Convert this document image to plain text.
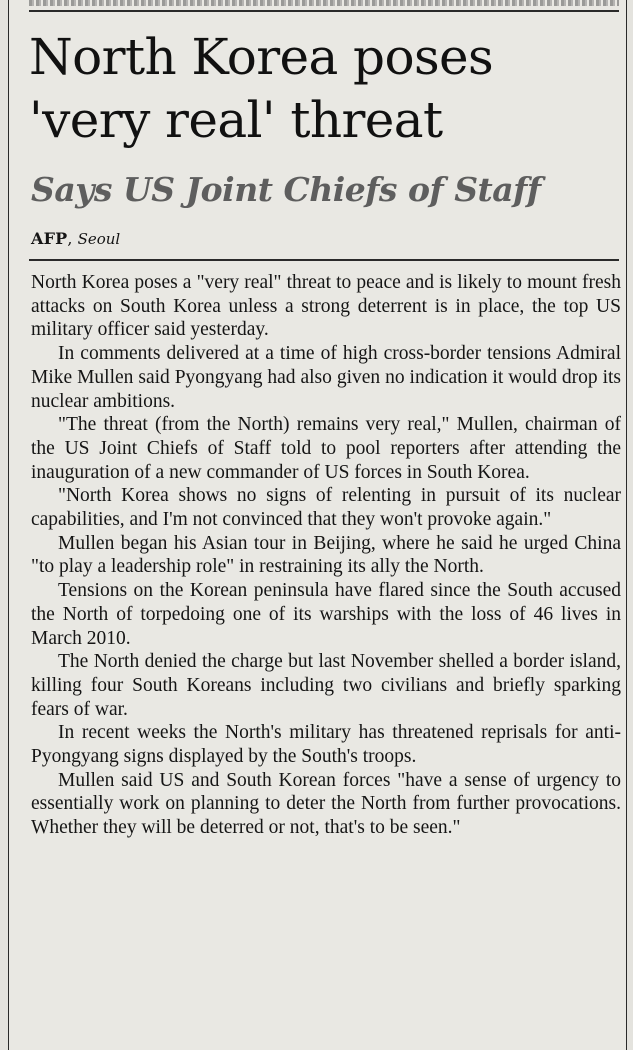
North Korea poses 'very real' threat
Says US Joint Chiefs of Staff
AFP, Seoul

North Korea poses a "very real" threat to peace and is likely to mount fresh attacks on South Korea unless a strong deterrent is in place, the top US military officer said yesterday.

In comments delivered at a time of high cross-border tensions Admiral Mike Mullen said Pyongyang had also given no indication it would drop its nuclear ambitions.

"The threat (from the North) remains very real," Mullen, chairman of the US Joint Chiefs of Staff told to pool reporters after attending the inauguration of a new commander of US forces in South Korea.

"North Korea shows no signs of relenting in pursuit of its nuclear capabilities, and I'm not convinced that they won't provoke again."

Mullen began his Asian tour in Beijing, where he said he urged China "to play a leadership role" in restraining its ally the North.

Tensions on the Korean peninsula have flared since the South accused the North of torpedoing one of its warships with the loss of 46 lives in March 2010.

The North denied the charge but last November shelled a border island, killing four South Koreans including two civilians and briefly sparking fears of war.

In recent weeks the North's military has threatened reprisals for anti-Pyongyang signs displayed by the South's troops.

Mullen said US and South Korean forces "have a sense of urgency to essentially work on planning to deter the North from further provocations. Whether they will be deterred or not, that's to be seen."
